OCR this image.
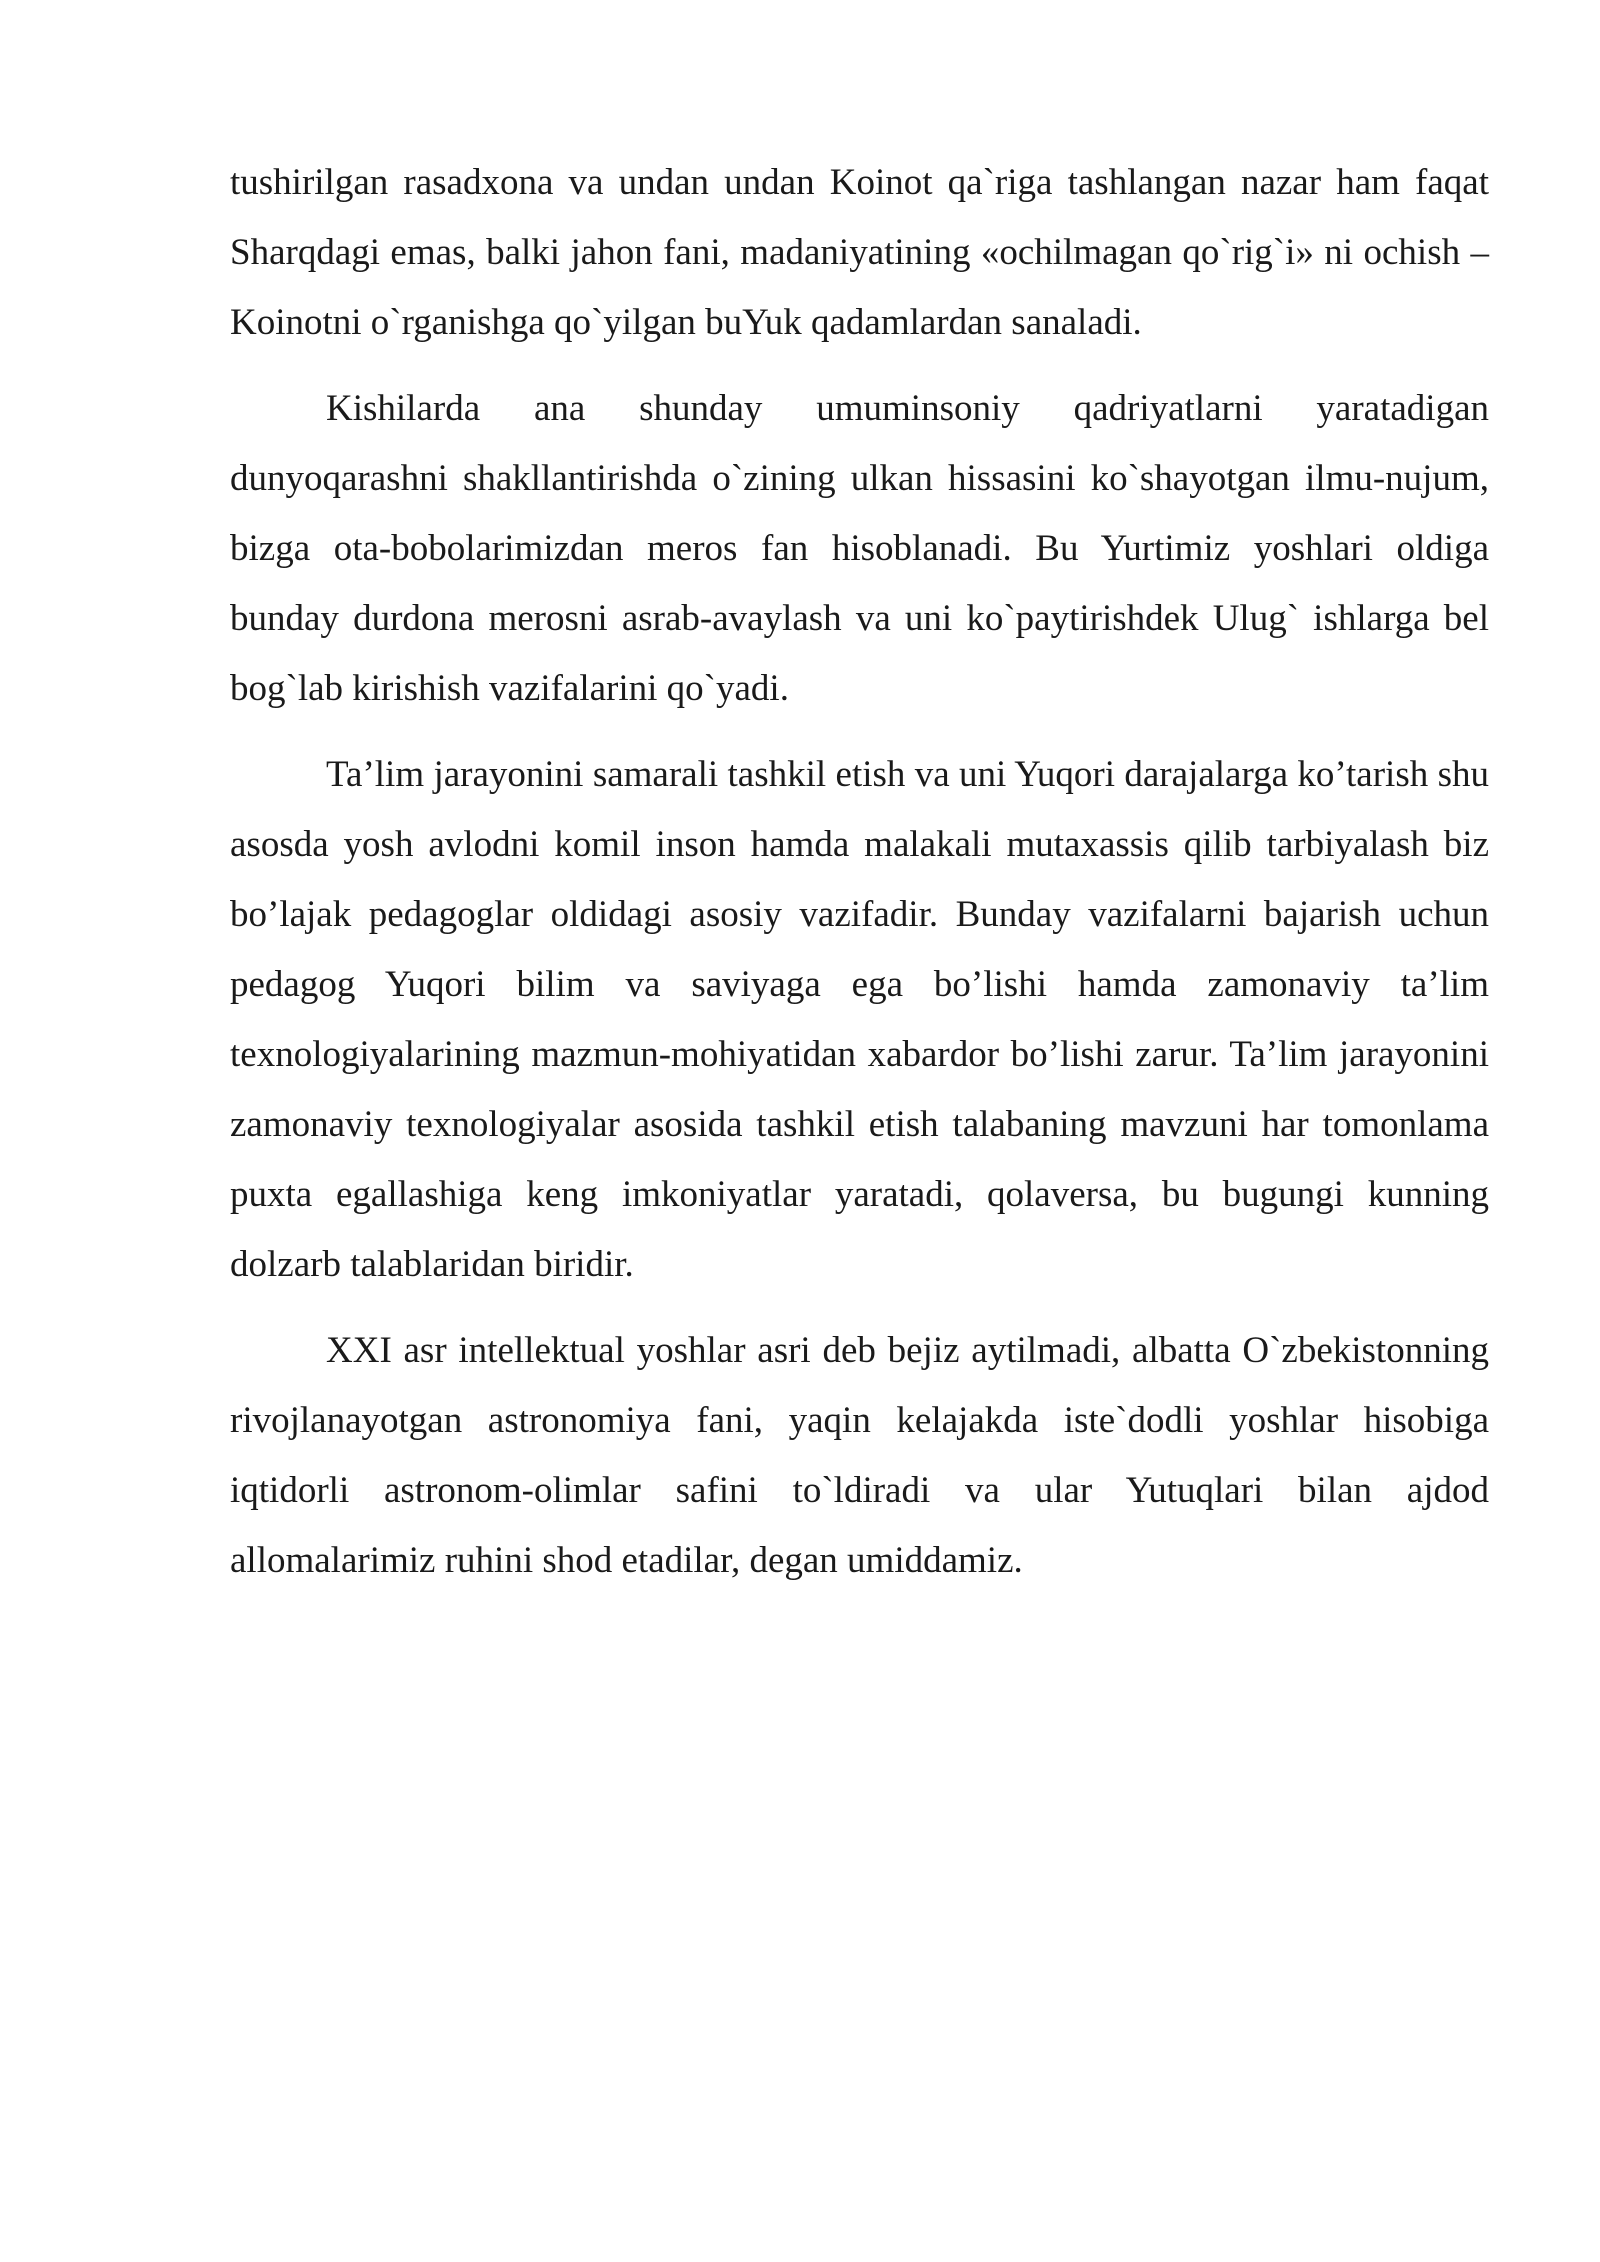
tushirilgan rasadxona va undan undan Koinot qa`riga tashlangan nazar ham faqat Sharqdagi emas, balki jahon fani, madaniyatining «ochilmagan qo`rig`i» ni ochish – Koinotni o`rganishga qo`yilgan buYuk qadamlardan sanaladi.

Kishilarda ana shunday umuminsoniy qadriyatlarni yaratadigan dunyoqarashni shakllantirishda o`zining ulkan hissasini ko`shayotgan ilmu-nujum, bizga ota-bobolarimizdan meros fan hisoblanadi. Bu Yurtimiz yoshlari oldiga bunday durdona merosni asrab-avaylash va uni ko`paytirishdek Ulug` ishlarga bel bog`lab kirishish vazifalarini qo`yadi.

Ta’lim jarayonini samarali tashkil etish va uni Yuqori darajalarga ko’tarish shu asosda yosh avlodni komil inson hamda malakali mutaxassis qilib tarbiyalash biz bo’lajak pedagoglar oldidagi asosiy vazifadir. Bunday vazifalarni bajarish uchun pedagog Yuqori bilim va saviyaga ega bo’lishi hamda zamonaviy ta’lim texnologiyalarining mazmun-mohiyatidan xabardor bo’lishi zarur. Ta’lim jarayonini zamonaviy texnologiyalar asosida tashkil etish talabaning mavzuni har tomonlama puxta egallashiga keng imkoniyatlar yaratadi, qolaversa, bu bugungi kunning dolzarb talablaridan biridir.

XXI asr intellektual yoshlar asri deb bejiz aytilmadi, albatta O`zbekistonning rivojlanayotgan astronomiya fani, yaqin kelajakda iste`dodli yoshlar hisobiga iqtidorli astronom-olimlar safini to`ldiradi va ular Yutuqlari bilan ajdod allomalarimiz ruhini shod etadilar, degan umiddamiz.
